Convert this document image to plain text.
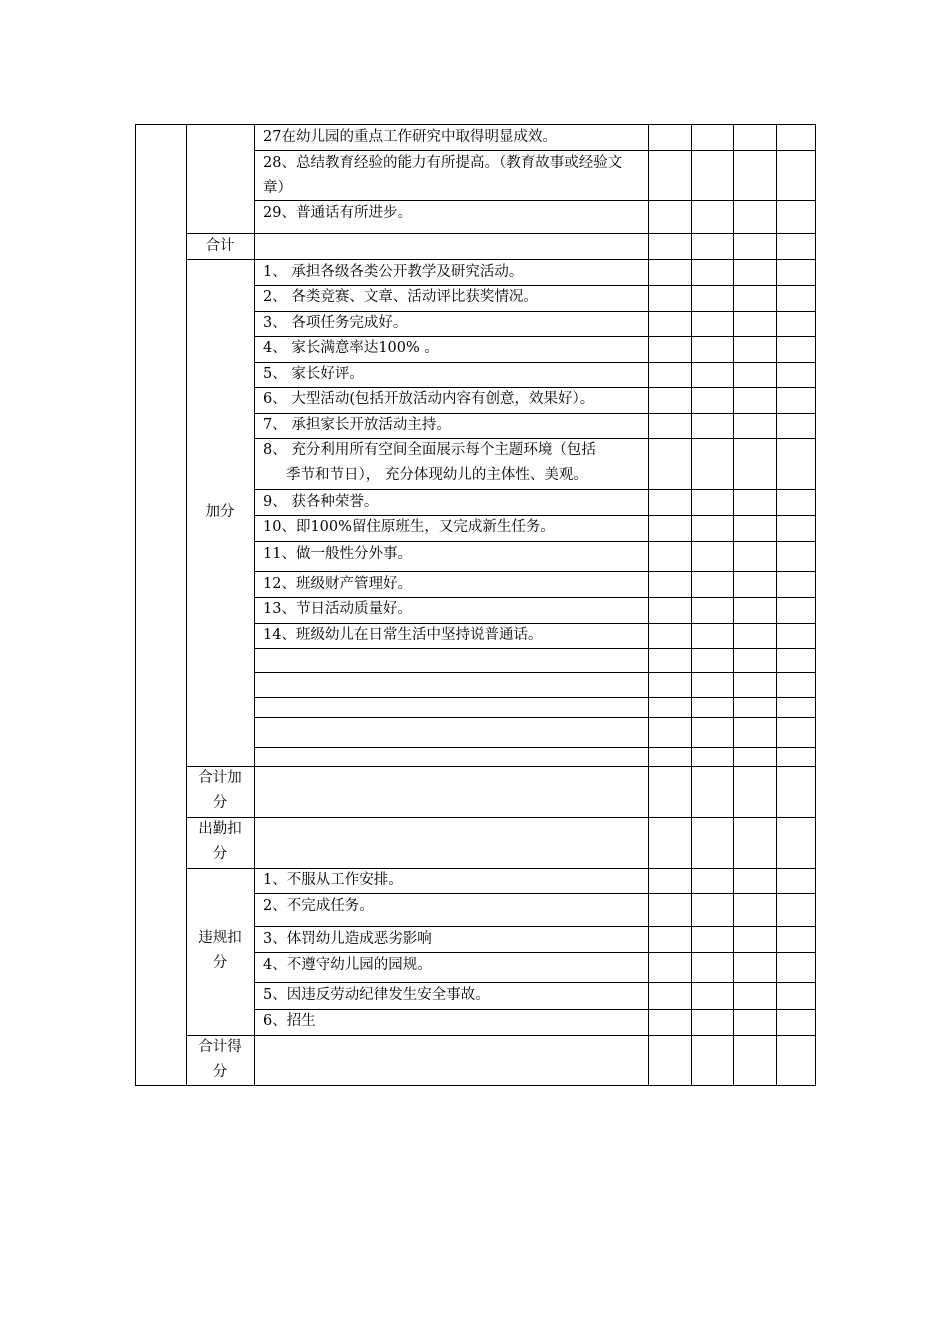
27在幼儿园的重点工作研究中取得明显成效。
28、总结教育经验的能力有所提高。（教育故事或经验文章）
29、普通话有所进步。
合计
加分
1、 承担各级各类公开教学及研究活动。
2、 各类竞赛、文章、活动评比获奖情况。
3、 各项任务完成好。
4、 家长满意率达100% 。
5、 家长好评。
6、 大型活动(包括开放活动内容有创意，效果好）。
7、 承担家长开放活动主持。
8、 充分利用所有空间全面展示每个主题环境（包括
季节和节日）， 充分体现幼儿的主体性、美观。
9、 获各种荣誉。
10、即100%留住原班生，又完成新生任务。
11、做一般性分外事。
12、班级财产管理好。
13、节日活动质量好。
14、班级幼儿在日常生活中坚持说普通话。
合计加分
出勤扣分
违规扣分
1、不服从工作安排。
2、不完成任务。
3、体罚幼儿造成恶劣影响
4、不遵守幼儿园的园规。
5、因违反劳动纪律发生安全事故。
6、招生
合计得分
